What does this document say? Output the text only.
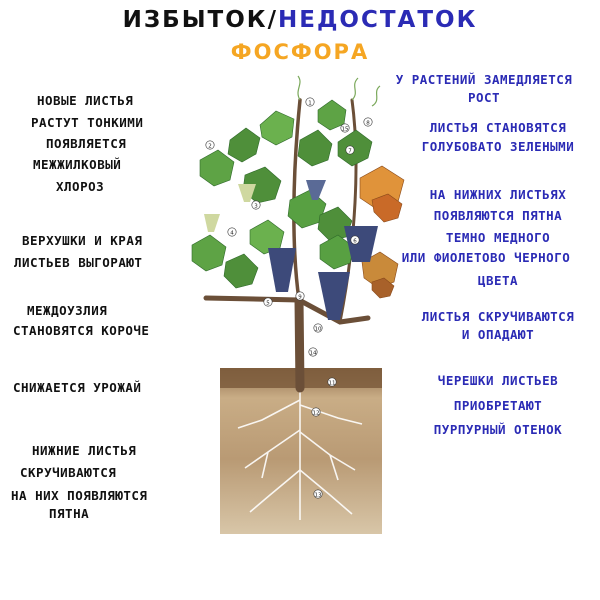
ИЗБЫТОК/НЕДОСТАТОК
ФОСФОРА
1
2
3
4
5
6
7
8
9
10
11
12
13
14
15
НОВЫЕ ЛИСТЬЯ
РАСТУТ ТОНКИМИ
ПОЯВЛЯЕТСЯ
МЕЖЖИЛКОВЫЙ
ХЛОРОЗ
ВЕРХУШКИ И КРАЯ
ЛИСТЬЕВ ВЫГОРАЮТ
МЕЖДОУЗЛИЯ
СТАНОВЯТСЯ КОРОЧЕ
СНИЖАЕТСЯ УРОЖАЙ
НИЖНИЕ ЛИСТЬЯ
СКРУЧИВАЮТСЯ
НА НИХ ПОЯВЛЯЮТСЯ
ПЯТНА
У РАСТЕНИЙ ЗАМЕДЛЯЕТСЯ
РОСТ
ЛИСТЬЯ СТАНОВЯТСЯ
ГОЛУБОВАТО ЗЕЛЕНЫМИ
НА НИЖНИХ ЛИСТЬЯХ
ПОЯВЛЯЮТСЯ ПЯТНА
ТЕМНО МЕДНОГО
ИЛИ ФИОЛЕТОВО ЧЕРНОГО
ЦВЕТА
ЛИСТЬЯ СКРУЧИВАЮТСЯ
И ОПАДАЮТ
ЧЕРЕШКИ ЛИСТЬЕВ
ПРИОБРЕТАЮТ
ПУРПУРНЫЙ ОТЕНОК
